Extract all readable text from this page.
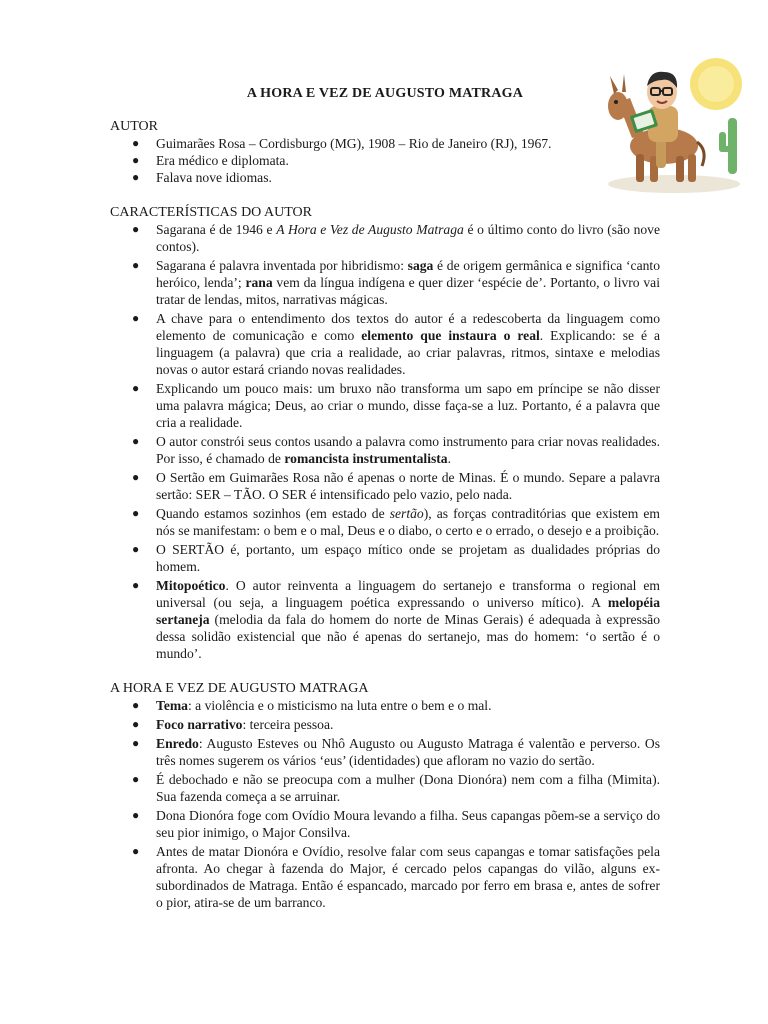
A HORA E VEZ DE AUGUSTO MATRAGA
AUTOR
● Guimarães Rosa – Cordisburgo (MG), 1908 – Rio de Janeiro (RJ), 1967.
● Era médico e diplomata.
● Falava nove idiomas.
CARACTERÍSTICAS DO AUTOR
● Sagarana é de 1946 e A Hora e Vez de Augusto Matraga é o último conto do livro (são nove contos).
● Sagarana é palavra inventada por hibridismo: saga é de origem germânica e significa ‘canto heróico, lenda’; rana vem da língua indígena e quer dizer ‘espécie de’. Portanto, o livro vai tratar de lendas, mitos, narrativas mágicas.
● A chave para o entendimento dos textos do autor é a redescoberta da linguagem como elemento de comunicação e como elemento que instaura o real. Explicando: se é a linguagem (a palavra) que cria a realidade, ao criar palavras, ritmos, sintaxe e melodias novas o autor estará criando novas realidades.
● Explicando um pouco mais: um bruxo não transforma um sapo em príncipe se não disser uma palavra mágica; Deus, ao criar o mundo, disse faça-se a luz. Portanto, é a palavra que cria a realidade.
● O autor constrói seus contos usando a palavra como instrumento para criar novas realidades. Por isso, é chamado de romancista instrumentalista.
● O Sertão em Guimarães Rosa não é apenas o norte de Minas. É o mundo. Separe a palavra sertão: SER – TÃO. O SER é intensificado pelo vazio, pelo nada.
● Quando estamos sozinhos (em estado de sertão), as forças contraditórias que existem em nós se manifestam: o bem e o mal, Deus e o diabo, o certo e o errado, o desejo e a proibição.
● O SERTÃO é, portanto, um espaço mítico onde se projetam as dualidades próprias do homem.
● Mitopoético. O autor reinventa a linguagem do sertanejo e transforma o regional em universal (ou seja, a linguagem poética expressando o universo mítico). A melopéia sertaneja (melodia da fala do homem do norte de Minas Gerais) é adequada à expressão dessa solidão existencial que não é apenas do sertanejo, mas do homem: ‘o sertão é o mundo’.
A HORA E VEZ DE AUGUSTO MATRAGA
● Tema: a violência e o misticismo na luta entre o bem e o mal.
● Foco narrativo: terceira pessoa.
● Enredo: Augusto Esteves ou Nhô Augusto ou Augusto Matraga é valentão e perverso. Os três nomes sugerem os vários ‘eus’ (identidades) que afloram no vazio do sertão.
● É debochado e não se preocupa com a mulher (Dona Dionóra) nem com a filha (Mimita). Sua fazenda começa a se arruinar.
● Dona Dionóra foge com Ovídio Moura levando a filha. Seus capangas põem-se a serviço do seu pior inimigo, o Major Consilva.
● Antes de matar Dionóra e Ovídio, resolve falar com seus capangas e tomar satisfações pela afronta. Ao chegar à fazenda do Major, é cercado pelos capangas do vilão, alguns ex-subordinados de Matraga. Então é espancado, marcado por ferro em brasa e, antes de sofrer o pior, atira-se de um barranco.
